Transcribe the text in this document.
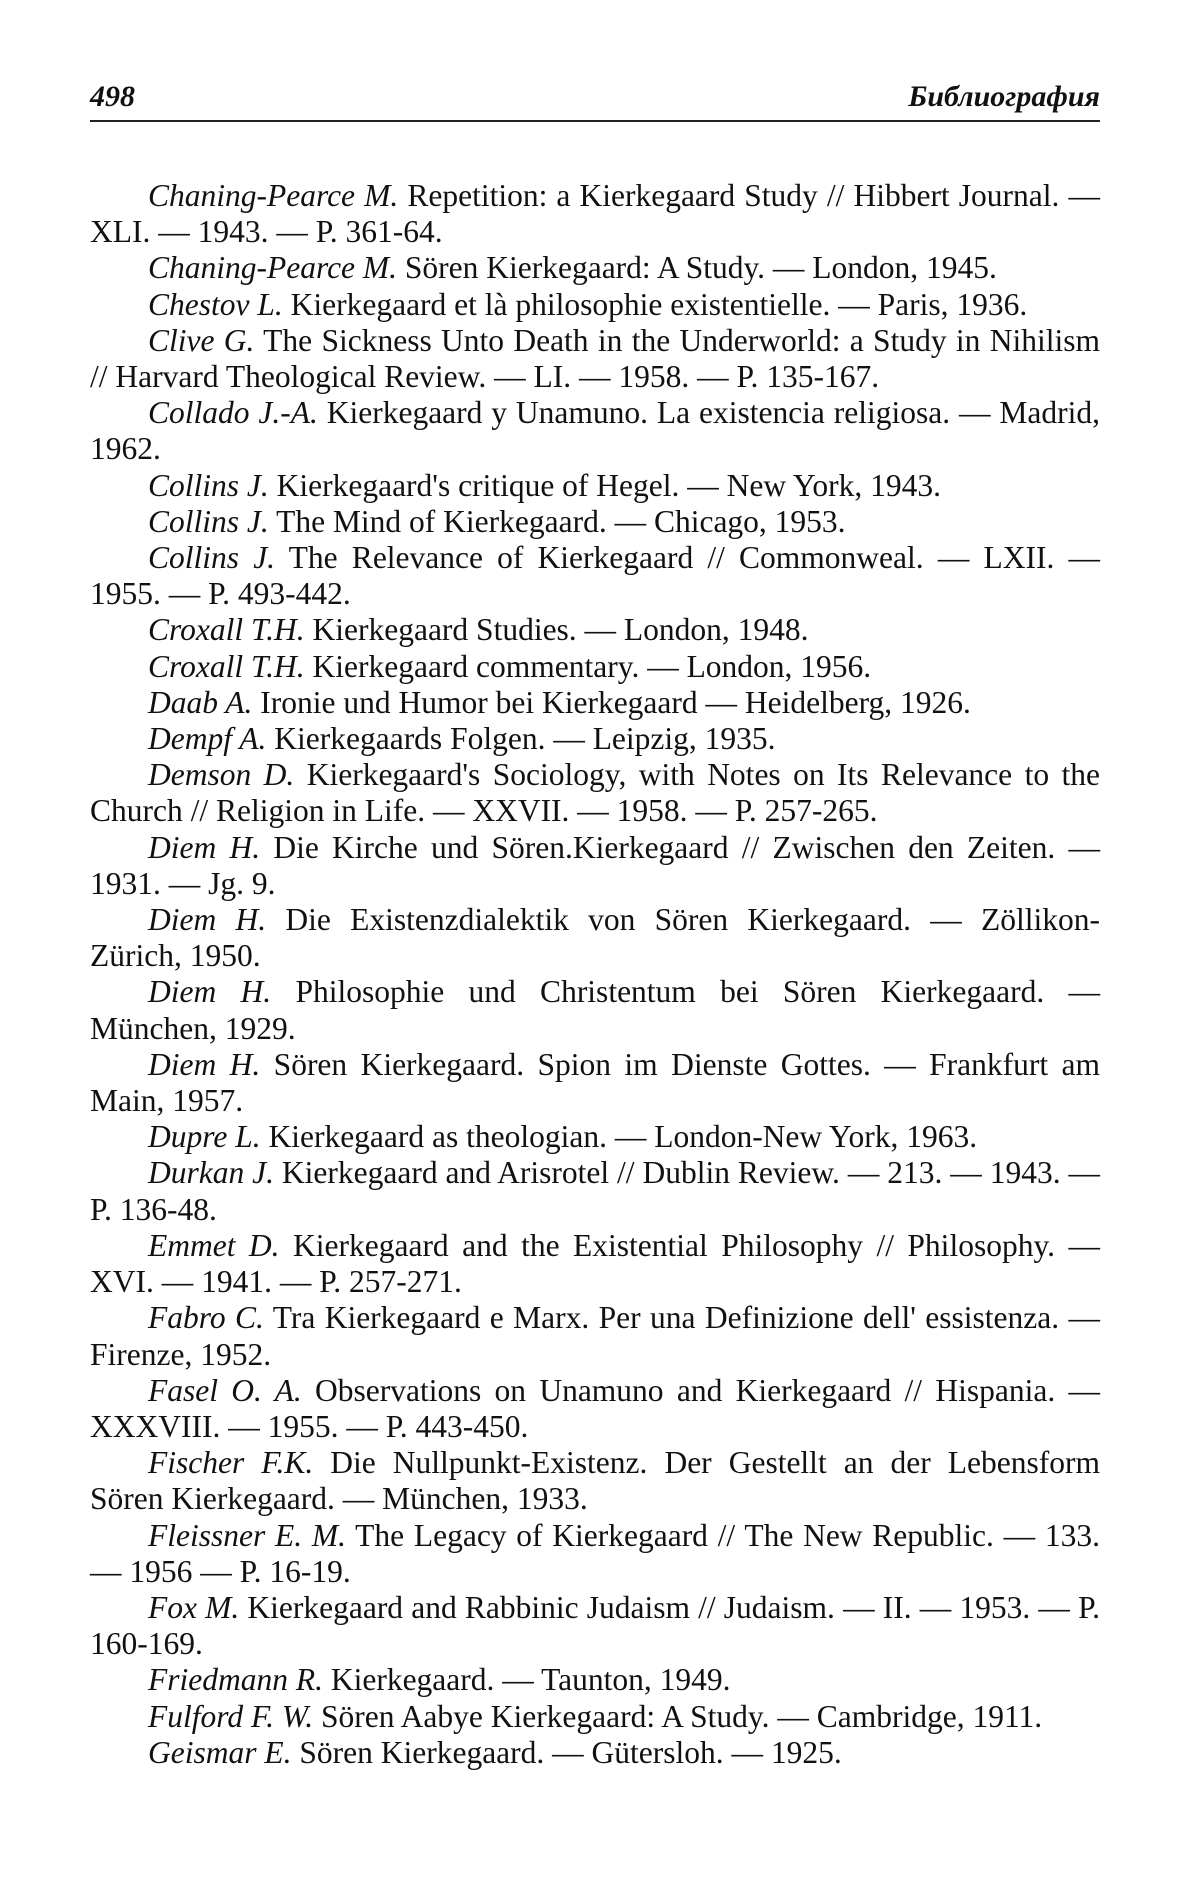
498	Библиография

Chaning-Pearce M. Repetition: a Kierkegaard Study // Hibbert Journal. — XLI. — 1943. — P. 361-64.

Chaning-Pearce M. Sören Kierkegaard: A Study. — London, 1945.

Chestov L. Kierkegaard et là philosophie existentielle. — Paris, 1936.

Clive G. The Sickness Unto Death in the Underworld: a Study in Nihilism // Harvard Theological Review. — LI. — 1958. — P. 135-167.

Collado J.-A. Kierkegaard y Unamuno. La existencia religiosa. — Madrid, 1962.

Collins J. Kierkegaard's critique of Hegel. — New York, 1943.

Collins J. The Mind of Kierkegaard. — Chicago, 1953.

Collins J. The Relevance of Kierkegaard // Commonweal. — LXII. — 1955. — P. 493-442.

Croxall T.H. Kierkegaard Studies. — London, 1948.

Croxall T.H. Kierkegaard commentary. — London, 1956.

Daab A. Ironie und Humor bei Kierkegaard — Heidelberg, 1926.

Dempf A. Kierkegaards Folgen. — Leipzig, 1935.

Demson D. Kierkegaard's Sociology, with Notes on Its Relevance to the Church // Religion in Life. — XXVII. — 1958. — P. 257-265.

Diem H. Die Kirche und Sören.Kierkegaard // Zwischen den Zeiten. — 1931. — Jg. 9.

Diem H. Die Existenzdialektik von Sören Kierkegaard. — Zöllikon-Zürich, 1950.

Diem H. Philosophie und Christentum bei Sören Kierkegaard. — München, 1929.

Diem H. Sören Kierkegaard. Spion im Dienste Gottes. — Frankfurt am Main, 1957.

Dupre L. Kierkegaard as theologian. — London-New York, 1963.

Durkan J. Kierkegaard and Arisrotel // Dublin Review. — 213. — 1943. — P. 136-48.

Emmet D. Kierkegaard and the Existential Philosophy // Philosophy. — XVI. — 1941. — P. 257-271.

Fabro C. Tra Kierkegaard e Marx. Per una Definizione dell' essistenza. — Firenze, 1952.

Fasel O. A. Observations on Unamuno and Kierkegaard // Hispania. — XXXVIII. — 1955. — P. 443-450.

Fischer F.K. Die Nullpunkt-Existenz. Der Gestellt an der Lebensform Sören Kierkegaard. — München, 1933.

Fleissner E. M. The Legacy of Kierkegaard // The New Republic. — 133. — 1956 — P. 16-19.

Fox M. Kierkegaard and Rabbinic Judaism // Judaism. — II. — 1953. — P. 160-169.

Friedmann R. Kierkegaard. — Taunton, 1949.

Fulford F. W. Sören Aabye Kierkegaard: A Study. — Cambridge, 1911.

Geismar E. Sören Kierkegaard. — Gütersloh. — 1925.
